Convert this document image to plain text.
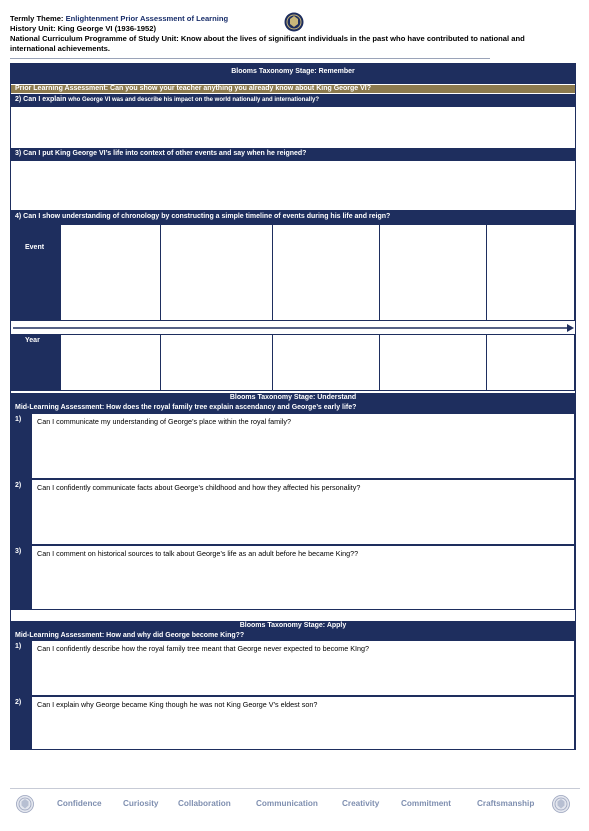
Termly Theme: Enlightenment Prior Assessment of Learning
History Unit: King George VI (1936-1952)
National Curriculum Programme of Study Unit: Know about the lives of significant individuals in the past who have contributed to national and international achievements.
Blooms Taxonomy Stage: Remember
Prior Learning Assessment: Can you show your teacher anything you already know about King George VI?
2) Can I explain who George VI was and describe his impact on the world nationally and internationally?
3) Can I put King George VI’s life into context of other events and say when he reigned?
4) Can I show understanding of chronology by constructing a simple timeline of events during his life and reign?
Event
Year
Blooms Taxonomy Stage: Understand
Mid-Learning Assessment: How does the royal family tree explain ascendancy and George’s early life?
1)	Can I communicate my understanding of George’s place within the royal family?
2)	Can I confidently communicate facts about George’s childhood and how they affected his personality?
3)	Can I comment on historical sources to talk about George’s life as an adult before he became King??
Blooms Taxonomy Stage: Apply
Mid-Learning Assessment: How and why did George become King??
1)	Can I confidently describe how the royal family tree meant that George never expected to become KIng?
2)	Can I explain why George became King though he was not King George V’s eldest son?
Confidence	Curiosity Collaboration	Communication	Creativity	Commitment	Craftsmanship
